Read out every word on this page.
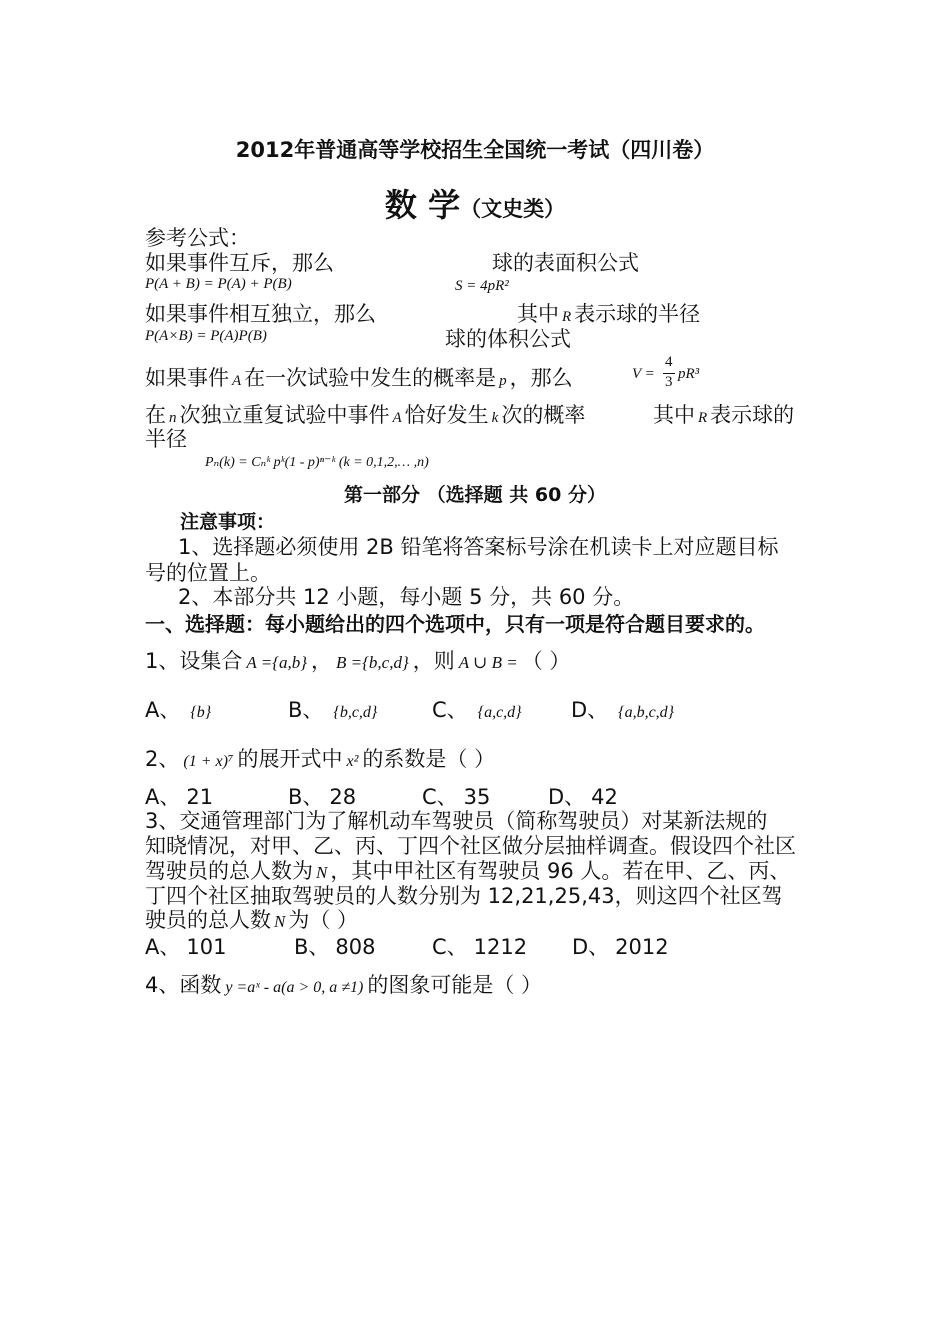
2012年普通高等学校招生全国统一考试（四川卷）
数 学（文史类）
参考公式：
如果事件互斥，那么	球的表面积公式
P(A + B) = P(A) + P(B)	S = 4pR²
如果事件相互独立，那么	其中 R 表示球的半径
P(A×B) = P(A)P(B)	球的体积公式
如果事件 A 在一次试验中发生的概率是 p ，那么	V =
4
3 pR³
在 n 次独立重复试验中事件 A 恰好发生 k 次的概率	其中 R 表示球的
半径
Pₙ(k) = Cₙᵏ pᵏ(1 - p)ⁿ⁻ᵏ (k = 0,1,2,… ,n)
第一部分 （选择题 共 60 分）
注意事项：
1、选择题必须使用 2B 铅笔将答案标号涂在机读卡上对应题目标
号的位置上。
2、本部分共 12 小题，每小题 5 分，共 60 分。
一、选择题：每小题给出的四个选项中，只有一项是符合题目要求的。
1、设集合 A ={a,b} ， B ={b,c,d} ，则 A ∪ B = （ ）
A、 {b}	B、 {b,c,d}	C、 {a,c,d} D、 {a,b,c,d}
2、 (1 + x)⁷ 的展开式中 x² 的系数是（ ）
A、 21	B、 28	C、 35	D、 42
3、交通管理部门为了解机动车驾驶员（简称驾驶员）对某新法规的
知晓情况，对甲、乙、丙、丁四个社区做分层抽样调查。假设四个社区
驾驶员的总人数为 N ，其中甲社区有驾驶员 96 人。若在甲、乙、丙、
丁四个社区抽取驾驶员的人数分别为 12,21,25,43，则这四个社区驾
驶员的总人数 N 为（ ）
A、 101	B、 808	C、 1212 D、 2012
4、函数 y =aˣ - a(a > 0, a ≠1) 的图象可能是（ ）
